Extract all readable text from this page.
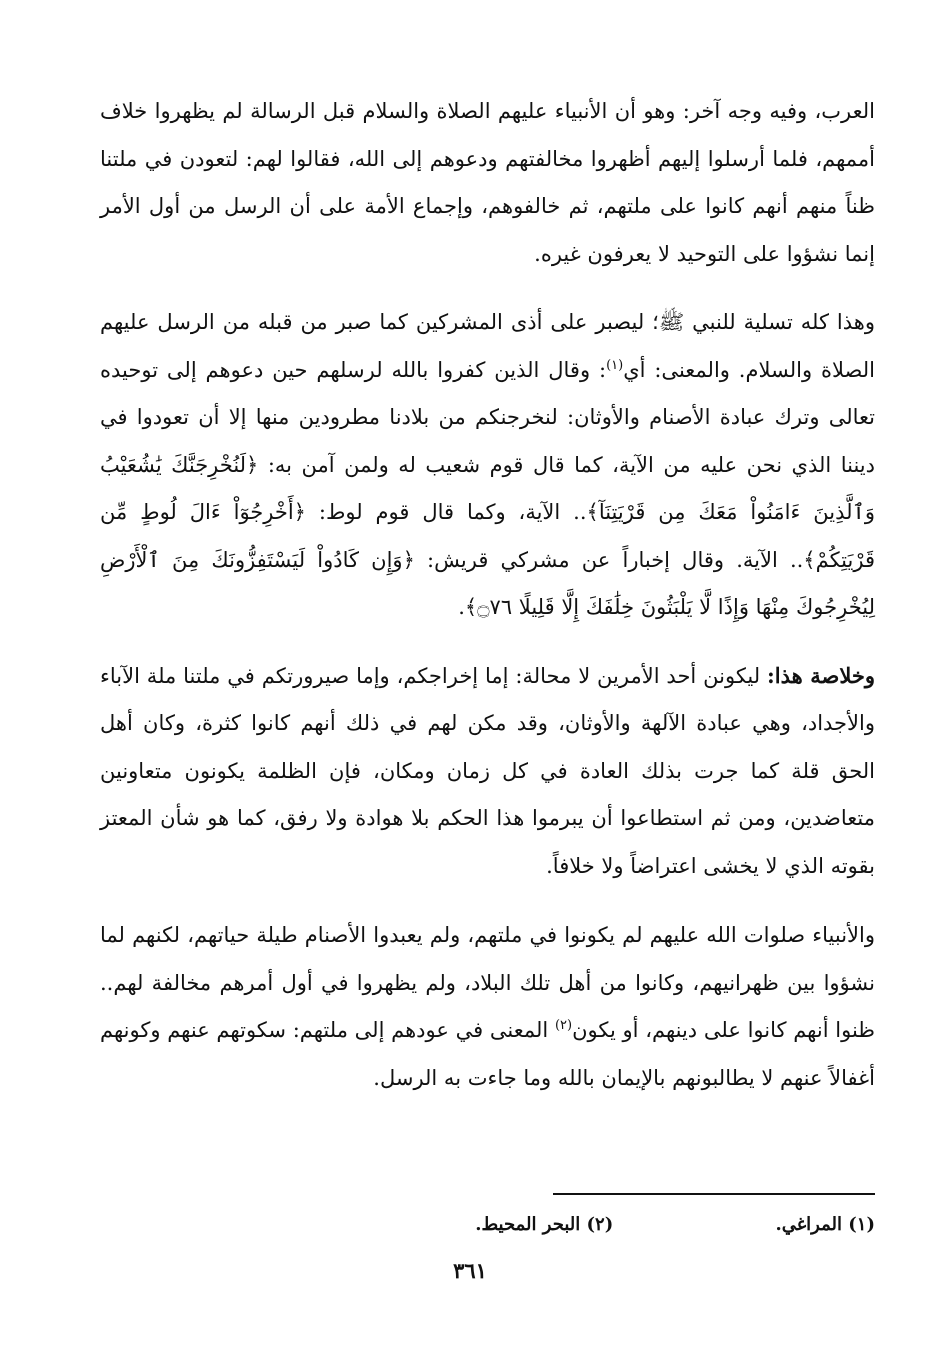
العرب، وفيه وجه آخر: وهو أن الأنبياء عليهم الصلاة والسلام قبل الرسالة لم يظهروا خلاف أممهم، فلما أرسلوا إليهم أظهروا مخالفتهم ودعوهم إلى الله، فقالوا لهم: لتعودن في ملتنا ظناً منهم أنهم كانوا على ملتهم، ثم خالفوهم، وإجماع الأمة على أن الرسل من أول الأمر إنما نشؤوا على التوحيد لا يعرفون غيره.

وهذا كله تسلية للنبي ﷺ؛ ليصبر على أذى المشركين كما صبر من قبله من الرسل عليهم الصلاة والسلام. والمعنى: أي$^{(١)}$: وقال الذين كفروا بالله لرسلهم حين دعوهم إلى توحيده تعالى وترك عبادة الأصنام والأوثان: لنخرجنكم من بلادنا مطرودين منها إلا أن تعودوا في ديننا الذي نحن عليه من الآية، كما قال قوم شعيب له ولمن آمن به: ﴿لَنُخْرِجَنَّكَ يَٰشُعَيْبُ وَٱلَّذِينَ ءَامَنُواْ مَعَكَ مِن قَرْيَتِنَآ﴾.. الآية، وكما قال قوم لوط: ﴿أَخْرِجُوٓاْ ءَالَ لُوطٍ مِّن قَرْيَتِكُمْ﴾.. الآية. وقال إخباراً عن مشركي قريش: ﴿وَإِن كَادُواْ لَيَسْتَفِزُّونَكَ مِنَ ٱلْأَرْضِ لِيُخْرِجُوكَ مِنْهَا وَإِذًا لَّا يَلْبَثُونَ خِلَٰفَكَ إِلَّا قَلِيلًا ۝٧٦﴾.

وخلاصة هذا: ليكونن أحد الأمرين لا محالة: إما إخراجكم، وإما صيرورتكم في ملتنا ملة الآباء والأجداد، وهي عبادة الآلهة والأوثان، وقد مكن لهم في ذلك أنهم كانوا كثرة، وكان أهل الحق قلة كما جرت بذلك العادة في كل زمان ومكان، فإن الظلمة يكونون متعاونين متعاضدين، ومن ثم استطاعوا أن يبرموا هذا الحكم بلا هوادة ولا رفق، كما هو شأن المعتز بقوته الذي لا يخشى اعتراضاً ولا خلافاً.

والأنبياء صلوات الله عليهم لم يكونوا في ملتهم، ولم يعبدوا الأصنام طيلة حياتهم، لكنهم لما نشؤوا بين ظهرانيهم، وكانوا من أهل تلك البلاد، ولم يظهروا في أول أمرهم مخالفة لهم.. ظنوا أنهم كانوا على دينهم، أو يكون$^{(٢)}$ المعنى في عودهم إلى ملتهم: سكوتهم عنهم وكونهم أغفالاً عنهم لا يطالبونهم بالإيمان بالله وما جاءت به الرسل.

(١) المراغي. (٢) البحر المحيط.
٣٦١
